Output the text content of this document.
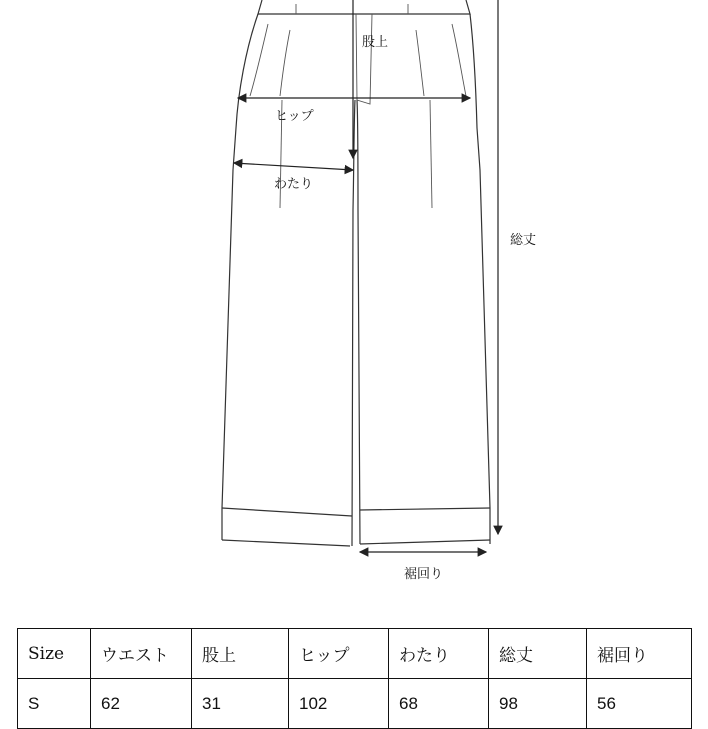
股上
ヒップ
わたり
総丈
裾回り
Size	ウエスト	股上	ヒップ	わたり	総丈	裾回り
S	62	31	102	68	98	56
